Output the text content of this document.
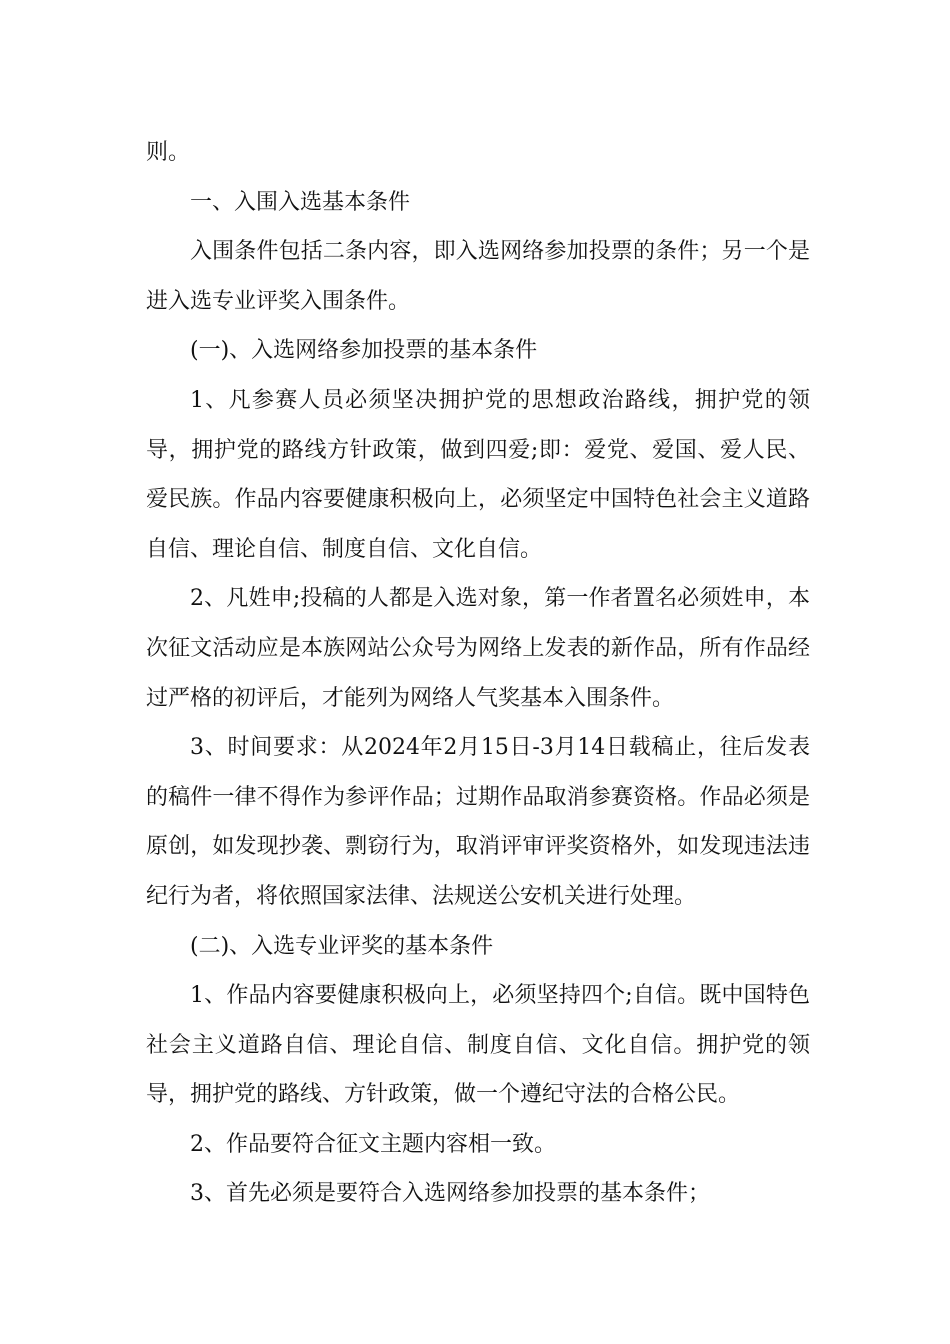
则。

一、入围入选基本条件

入围条件包括二条内容，即入选网络参加投票的条件；另一个是进入选专业评奖入围条件。

(一)、入选网络参加投票的基本条件

1、凡参赛人员必须坚决拥护党的思想政治路线，拥护党的领导，拥护党的路线方针政策，做到四爱;即：爱党、爱国、爱人民、爱民族。作品内容要健康积极向上，必须坚定中国特色社会主义道路自信、理论自信、制度自信、文化自信。

2、凡姓申;投稿的人都是入选对象，第一作者置名必须姓申，本次征文活动应是本族网站公众号为网络上发表的新作品，所有作品经过严格的初评后，才能列为网络人气奖基本入围条件。

3、时间要求：从2024年2月15日-3月14日载稿止，往后发表的稿件一律不得作为参评作品；过期作品取消参赛资格。作品必须是原创，如发现抄袭、剽窃行为，取消评审评奖资格外，如发现违法违纪行为者，将依照国家法律、法规送公安机关进行处理。

(二)、入选专业评奖的基本条件

1、作品内容要健康积极向上，必须坚持四个;自信。既中国特色社会主义道路自信、理论自信、制度自信、文化自信。拥护党的领导，拥护党的路线、方针政策，做一个遵纪守法的合格公民。

2、作品要符合征文主题内容相一致。

3、首先必须是要符合入选网络参加投票的基本条件；
